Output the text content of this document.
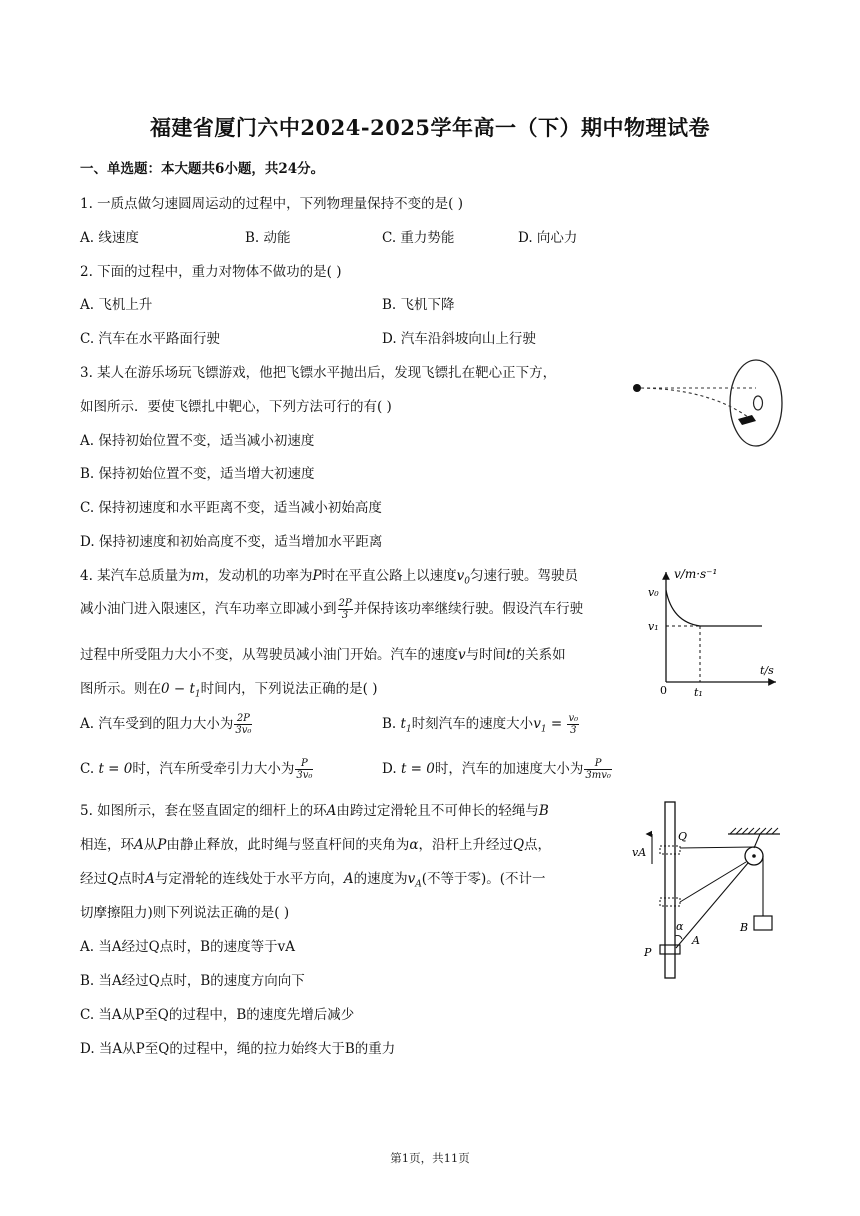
福建省厦门六中2024-2025学年高一（下）期中物理试卷
一、单选题：本大题共6小题，共24分。
1. 一质点做匀速圆周运动的过程中，下列物理量保持不变的是( )
A. 线速度	B. 动能	C. 重力势能	D. 向心力
2. 下面的过程中，重力对物体不做功的是( )
A. 飞机上升	B. 飞机下降
C. 汽车在水平路面行驶	D. 汽车沿斜坡向山上行驶
3. 某人在游乐场玩飞镖游戏，他把飞镖水平抛出后，发现飞镖扎在靶心正下方，
如图所示．要使飞镖扎中靶心，下列方法可行的有( )
A. 保持初始位置不变，适当减小初速度
B. 保持初始位置不变，适当增大初速度
C. 保持初速度和水平距离不变，适当减小初始高度
D. 保持初速度和初始高度不变，适当增加水平距离
4. 某汽车总质量为m，发动机的功率为P时在平直公路上以速度$v_0$匀速行驶。驾驶员
减小油门进入限速区，汽车功率立即减小到 $\frac{2P}{3}$ 并保持该功率继续行驶。假设汽车行驶
过程中所受阻力大小不变，从驾驶员减小油门开始。汽车的速度v与时间t的关系如
图所示。则在$0 - t_1$时间内，下列说法正确的是( )
A. 汽车受到的阻力大小为 $\frac{2P}{\text{3v₀}}$	B. $t_1$时刻汽车的速度大小$v_1 = \frac{\text{v₀}}{3}$
C. t = 0时，汽车所受牵引力大小为 $\frac{P}{\text{3v₀}}$	D. t = 0时，汽车的加速度大小为 $\frac{P}{\text{3mv₀}}$
v/m·s⁻¹
t/s
0
v₀
v₁
t₁
5. 如图所示，套在竖直固定的细杆上的环A由跨过定滑轮且不可伸长的轻绳与B
相连，环A从P由静止释放，此时绳与竖直杆间的夹角为α，沿杆上升经过Q点，
经过Q点时A与定滑轮的连线处于水平方向，A的速度为$v_A$(不等于零)。(不计一
切摩擦阻力)则下列说法正确的是( )
A. 当A经过Q点时，B的速度等于vA
B. 当A经过Q点时，B的速度方向向下
C. 当A从P至Q的过程中，B的速度先增后减少
D. 当A从P至Q的过程中，绳的拉力始终大于B的重力
B
Q
P
A
α
vA
第1页，共11页
